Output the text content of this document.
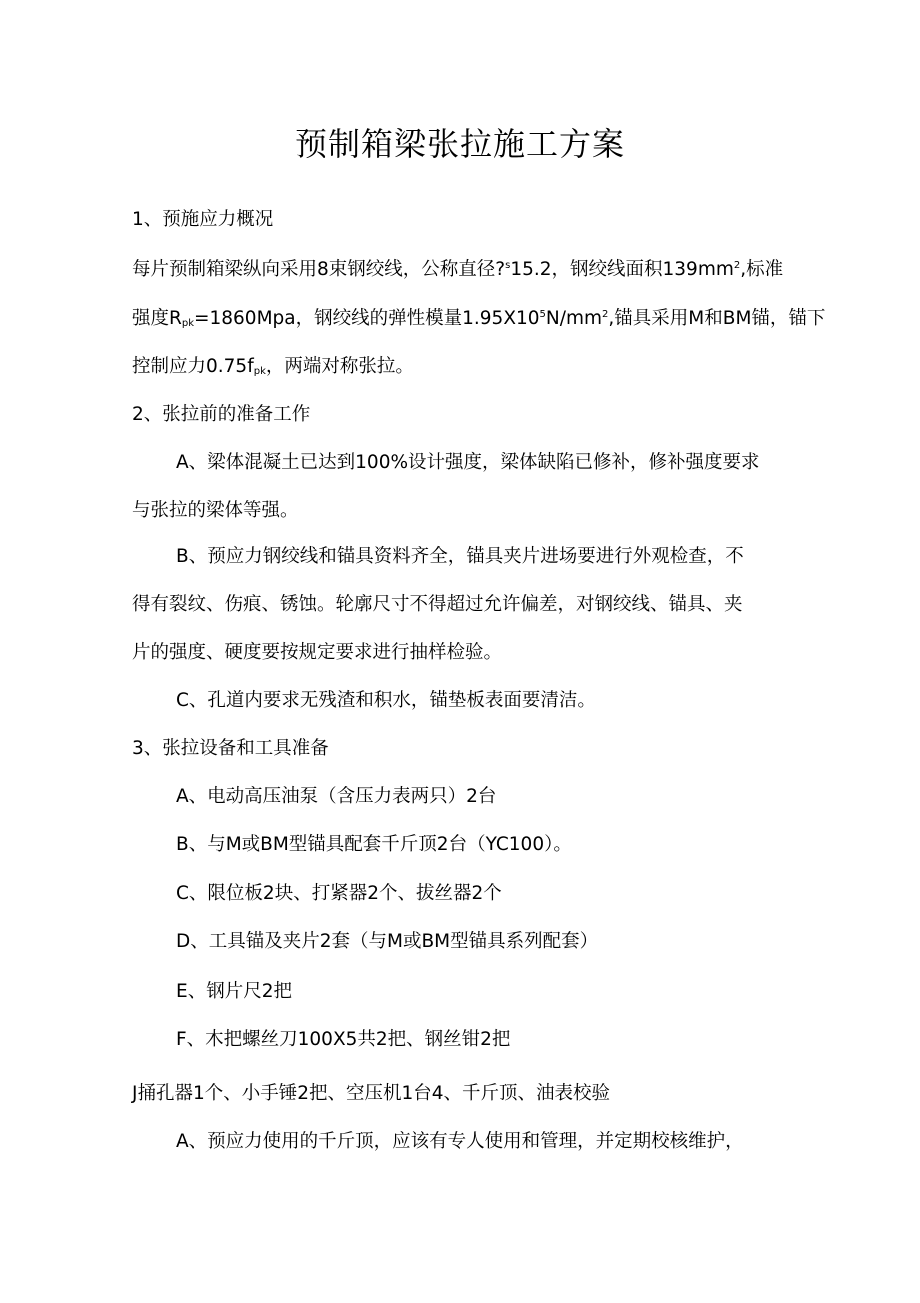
预制箱梁张拉施工方案
1、预施应力概况
每片预制箱梁纵向采用8束钢绞线，公称直径?$^s$15.2，钢绞线面积$139mm^2$,标准
强度$R_{pk}=1860Mpa$，钢绞线的弹性模量$1.95X10^5N/mm^2$,锚具采用M和BM锚，锚下
控制应力$0.75f_{pk}$，两端对称张拉。
2、张拉前的准备工作
A、梁体混凝土已达到100%设计强度，梁体缺陷已修补，修补强度要求
与张拉的梁体等强。
B、预应力钢绞线和锚具资料齐全，锚具夹片进场要进行外观检查，不
得有裂纹、伤痕、锈蚀。轮廓尺寸不得超过允许偏差，对钢绞线、锚具、夹
片的强度、硬度要按规定要求进行抽样检验。
C、孔道内要求无残渣和积水，锚垫板表面要清洁。
3、张拉设备和工具准备
A、电动高压油泵（含压力表两只）2台
B、与M或BM型锚具配套千斤顶2台（YC100）。
C、限位板2块、打紧器2个、拔丝器2个
D、工具锚及夹片2套（与M或BM型锚具系列配套）
E、钢片尺2把
F、木把螺丝刀100X5共2把、钢丝钳2把
J捅孔器1个、小手锤2把、空压机1台4、千斤顶、油表校验
A、预应力使用的千斤顶，应该有专人使用和管理，并定期校核维护，
